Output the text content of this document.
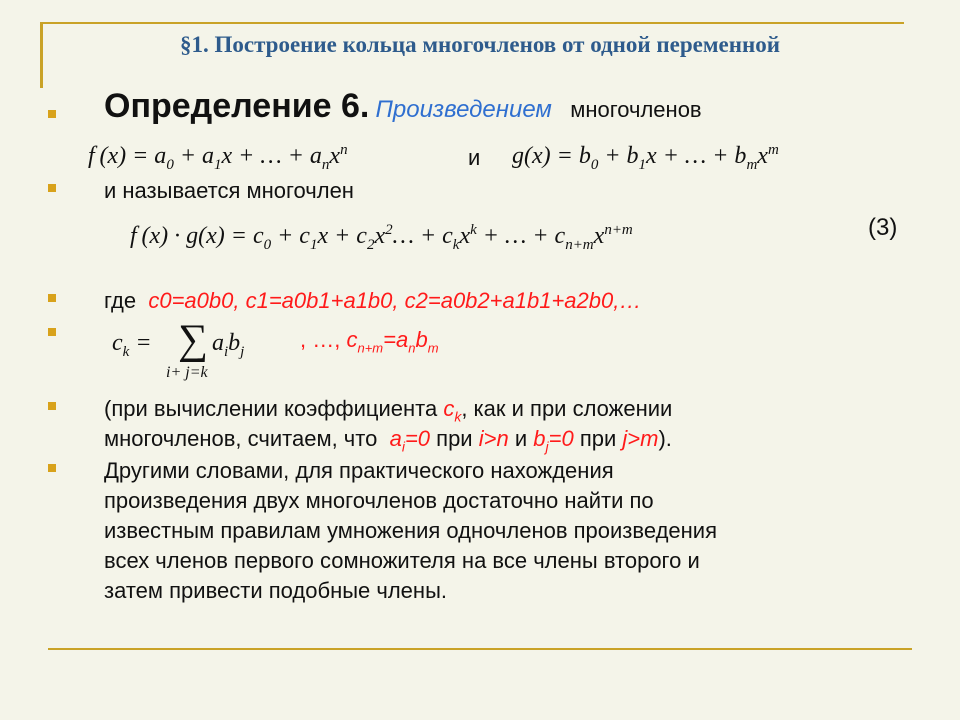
§1. Построение кольца многочленов от одной переменной
Определение 6. Произведением многочленов
f $(x) = a_0 + a_1x$ + … + $a_nx^n$	и $g(x) = b_0 + b_1x$ + … + $b_mx^m$
и называется многочлен
f $(x) \cdot g(x) = c_0 + c_1x$ + $c_2x^2\dots + c_kx^k$ + … + $c_{n+m}x^{n+m}$	(3)
где c0=a0b0, c1=a0b1+a1b0, c2=a0b2+a1b1+a2b0,…
$c_k$ = ∑ $a_ib_j$
i+ j=k
, …, $c_{n+m}=a_nb_m$
(при вычислении коэффициента $c_k$, как и при сложении
многочленов, считаем, что $a_i=0$ при i>n и $b_j=0$ при j>m).
Другими словами, для практического нахождения
произведения двух многочленов достаточно найти по
известным правилам умножения одночленов произведения
всех членов первого сомножителя на все члены второго и
затем привести подобные члены.
